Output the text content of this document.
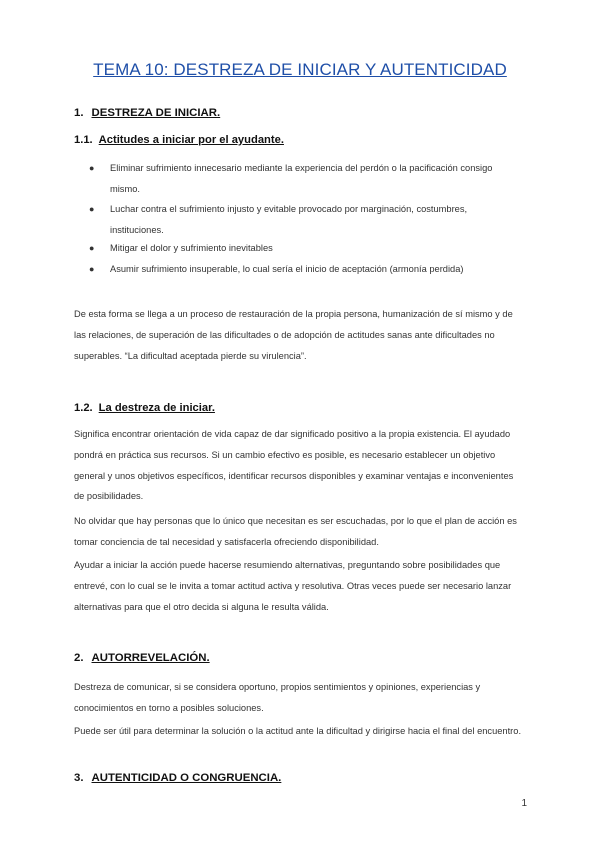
TEMA 10: DESTREZA DE INICIAR Y AUTENTICIDAD
1. DESTREZA DE INICIAR.
1.1. Actitudes a iniciar por el ayudante.
● Eliminar sufrimiento innecesario mediante la experiencia del perdón o la pacificación consigo mismo.
● Luchar contra el sufrimiento injusto y evitable provocado por marginación, costumbres, instituciones.
● Mitigar el dolor y sufrimiento inevitables
● Asumir sufrimiento insuperable, lo cual sería el inicio de aceptación (armonía perdida)
De esta forma se llega a un proceso de restauración de la propia persona, humanización de sí mismo y de las relaciones, de superación de las dificultades o de adopción de actitudes sanas ante dificultades no superables. “La dificultad aceptada pierde su virulencia”.
1.2. La destreza de iniciar.
Significa encontrar orientación de vida capaz de dar significado positivo a la propia existencia. El ayudado pondrá en práctica sus recursos. Si un cambio efectivo es posible, es necesario establecer un objetivo general y unos objetivos específicos, identificar recursos disponibles y examinar ventajas e inconvenientes de posibilidades.
No olvidar que hay personas que lo único que necesitan es ser escuchadas, por lo que el plan de acción es tomar conciencia de tal necesidad y satisfacerla ofreciendo disponibilidad.
Ayudar a iniciar la acción puede hacerse resumiendo alternativas, preguntando sobre posibilidades que entrevé, con lo cual se le invita a tomar actitud activa y resolutiva. Otras veces puede ser necesario lanzar alternativas para que el otro decida si alguna le resulta válida.
2. AUTORREVELACIÓN.
Destreza de comunicar, si se considera oportuno, propios sentimientos y opiniones, experiencias y conocimientos en torno a posibles soluciones.
Puede ser útil para determinar la solución o la actitud ante la dificultad y dirigirse hacia el final del encuentro.
3. AUTENTICIDAD O CONGRUENCIA.
1
